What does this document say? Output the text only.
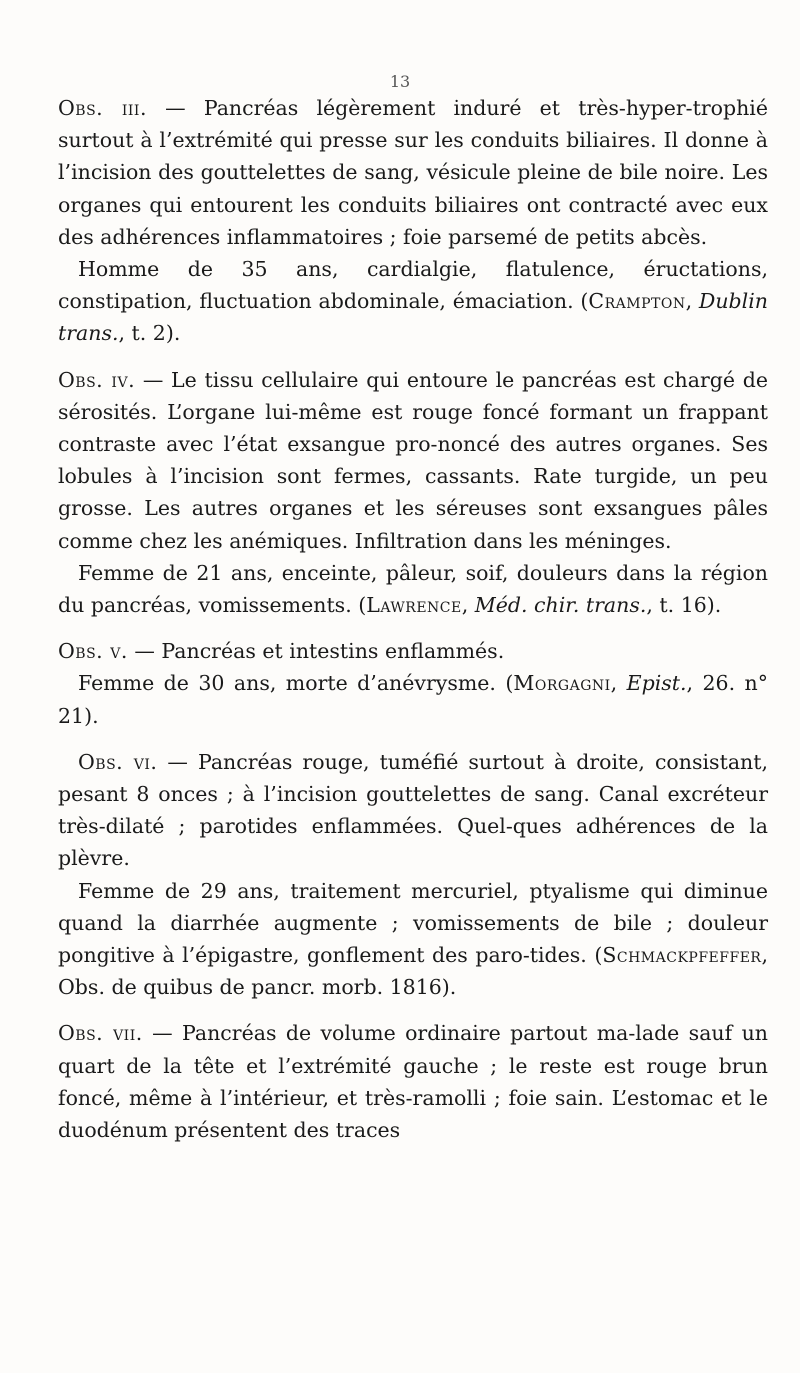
13

Obs. iii. — Pancréas légèrement induré et très-hyper-trophié surtout à l’extrémité qui presse sur les conduits biliaires. Il donne à l’incision des gouttelettes de sang, vésicule pleine de bile noire. Les organes qui entourent les conduits biliaires ont contracté avec eux des adhérences inflammatoires ; foie parsemé de petits abcès.

Homme de 35 ans, cardialgie, flatulence, éructations, constipation, fluctuation abdominale, émaciation. (Crampton, Dublin trans., t. 2).

Obs. iv. — Le tissu cellulaire qui entoure le pancréas est chargé de sérosités. L’organe lui-même est rouge foncé formant un frappant contraste avec l’état exsangue pro-noncé des autres organes. Ses lobules à l’incision sont fermes, cassants. Rate turgide, un peu grosse. Les autres organes et les séreuses sont exsangues pâles comme chez les anémiques. Infiltration dans les méninges.

Femme de 21 ans, enceinte, pâleur, soif, douleurs dans la région du pancréas, vomissements. (Lawrence, Méd. chir. trans., t. 16).

Obs. v. — Pancréas et intestins enflammés.

Femme de 30 ans, morte d’anévrysme. (Morgagni, Epist., 26. n° 21).

Obs. vi. — Pancréas rouge, tuméfié surtout à droite, consistant, pesant 8 onces ; à l’incision gouttelettes de sang. Canal excréteur très-dilaté ; parotides enflammées. Quel-ques adhérences de la plèvre.

Femme de 29 ans, traitement mercuriel, ptyalisme qui diminue quand la diarrhée augmente ; vomissements de bile ; douleur pongitive à l’épigastre, gonflement des paro-tides. (Schmackpfeffer, Obs. de quibus de pancr. morb. 1816).

Obs. vii. — Pancréas de volume ordinaire partout ma-lade sauf un quart de la tête et l’extrémité gauche ; le reste est rouge brun foncé, même à l’intérieur, et très-ramolli ; foie sain. L’estomac et le duodénum présentent des traces
